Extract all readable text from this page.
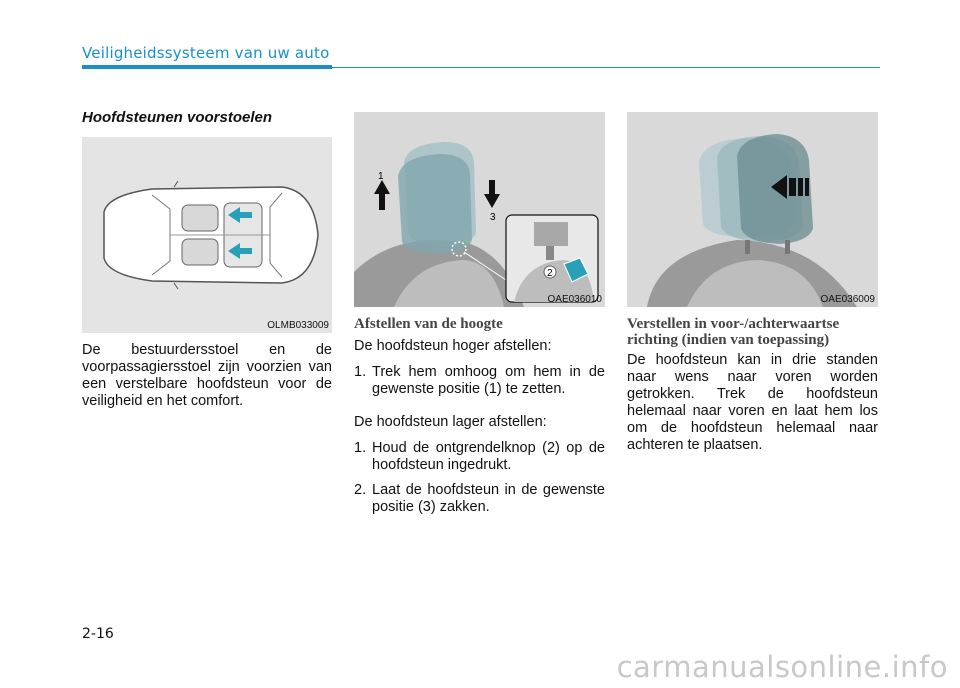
Veiligheidssysteem van uw auto
Hoofdsteunen voorstoelen
OLMB033009
1
3
2
OAE036010	OAE036009

De bestuurdersstoel en de voorpassagiersstoel zijn voorzien van een verstelbare hoofdsteun voor de veiligheid en het comfort.

Afstellen van de hoogte

De hoofdsteun hoger afstellen:

1. Trek hem omhoog om hem in de gewenste positie (1) te zetten.

De hoofdsteun lager afstellen:

1. Houd de ontgrendelknop (2) op de hoofdsteun ingedrukt.
2. Laat de hoofdsteun in de gewenste positie (3) zakken.
Verstellen in voor-/achterwaartse richting (indien van toepassing)

De hoofdsteun kan in drie standen naar wens naar voren worden getrokken. Trek de hoofdsteun helemaal naar voren en laat hem los om de hoofdsteun helemaal naar achteren te plaatsen.

2-16
carmanualsonline.info
